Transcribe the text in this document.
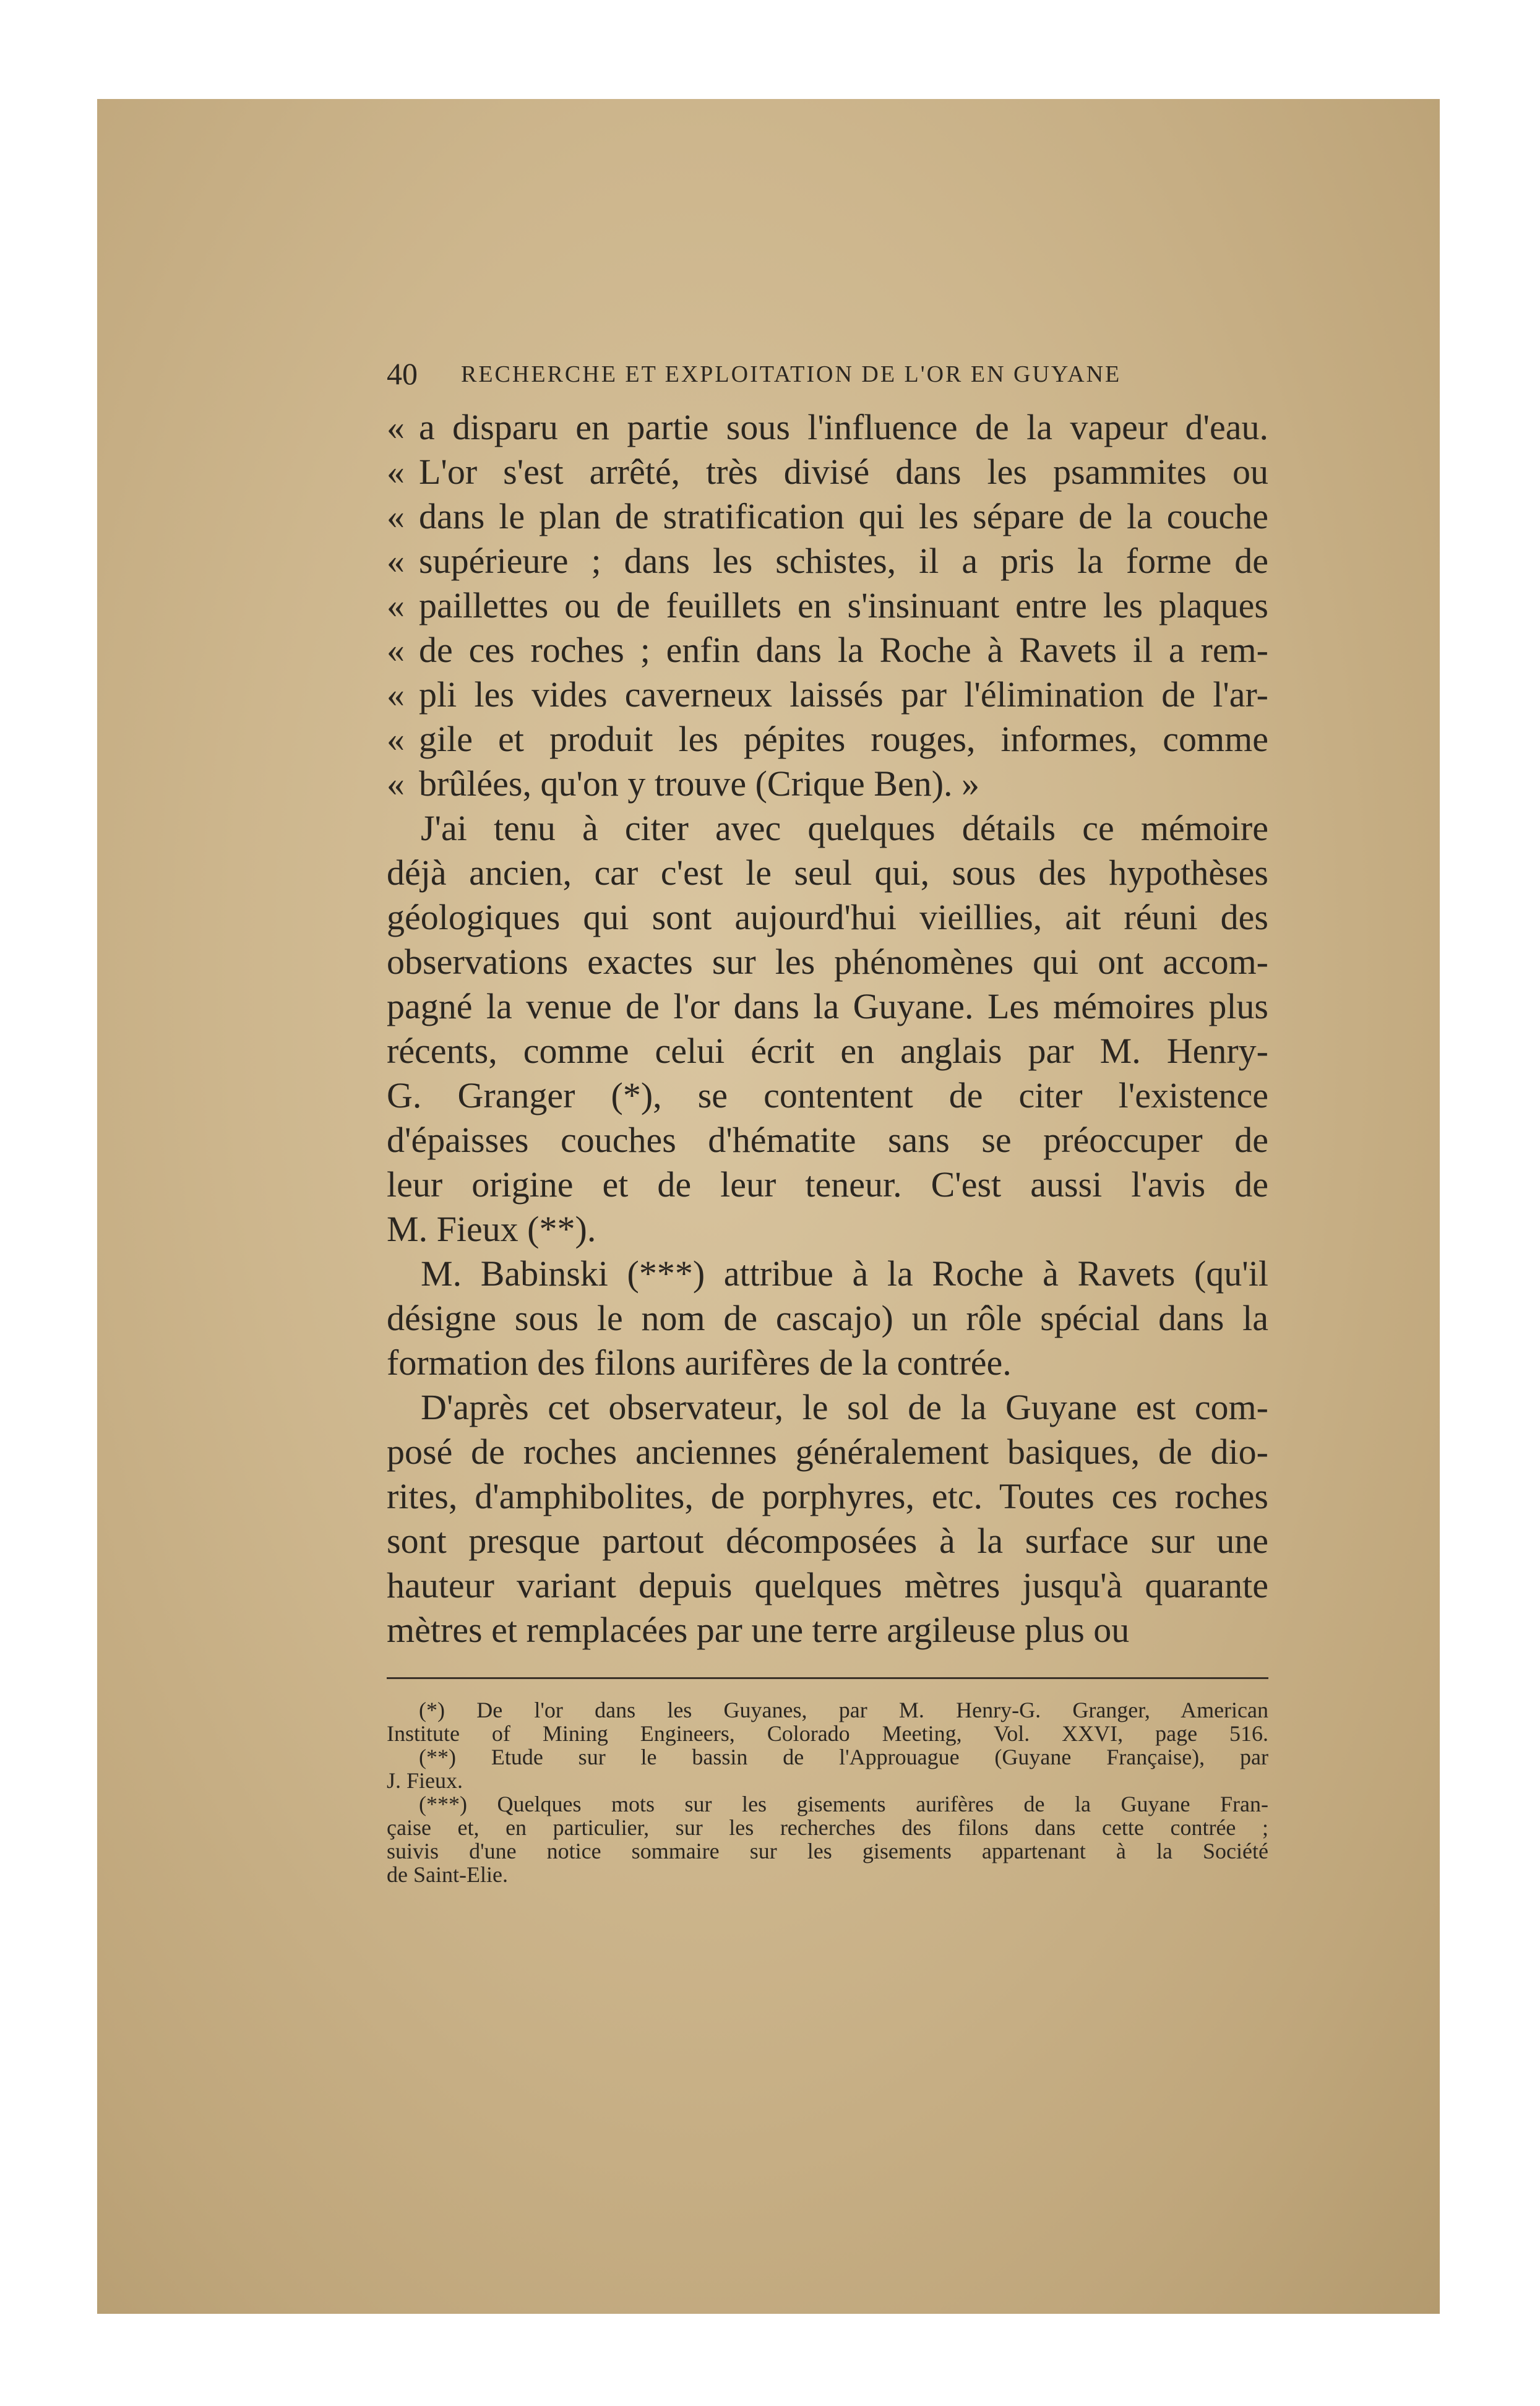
40 RECHERCHE ET EXPLOITATION DE L'OR EN GUYANE
« a disparu en partie sous l'influence de la vapeur d'eau.
« L'or s'est arrêté, très divisé dans les psammites ou
« dans le plan de stratification qui les sépare de la couche
« supérieure ; dans les schistes, il a pris la forme de
« paillettes ou de feuillets en s'insinuant entre les plaques
« de ces roches ; enfin dans la Roche à Ravets il a rem-
« pli les vides caverneux laissés par l'élimination de l'ar-
« gile et produit les pépites rouges, informes, comme
« brûlées, qu'on y trouve (Crique Ben). »
J'ai tenu à citer avec quelques détails ce mémoire
déjà ancien, car c'est le seul qui, sous des hypothèses
géologiques qui sont aujourd'hui vieillies, ait réuni des
observations exactes sur les phénomènes qui ont accom-
pagné la venue de l'or dans la Guyane. Les mémoires plus
récents, comme celui écrit en anglais par M. Henry-
G. Granger (*), se contentent de citer l'existence
d'épaisses couches d'hématite sans se préoccuper de
leur origine et de leur teneur. C'est aussi l'avis de
M. Fieux (**).
M. Babinski (***) attribue à la Roche à Ravets (qu'il
désigne sous le nom de cascajo) un rôle spécial dans la
formation des filons aurifères de la contrée.
D'après cet observateur, le sol de la Guyane est com-
posé de roches anciennes généralement basiques, de dio-
rites, d'amphibolites, de porphyres, etc. Toutes ces roches
sont presque partout décomposées à la surface sur une
hauteur variant depuis quelques mètres jusqu'à quarante
mètres et remplacées par une terre argileuse plus ou
(*) De l'or dans les Guyanes, par M. Henry-G. Granger, American
Institute of Mining Engineers, Colorado Meeting, Vol. XXVI, page 516.
(**) Etude sur le bassin de l'Approuague (Guyane Française), par
J. Fieux.
(***) Quelques mots sur les gisements aurifères de la Guyane Fran-
çaise et, en particulier, sur les recherches des filons dans cette contrée ;
suivis d'une notice sommaire sur les gisements appartenant à la Société
de Saint-Elie.
